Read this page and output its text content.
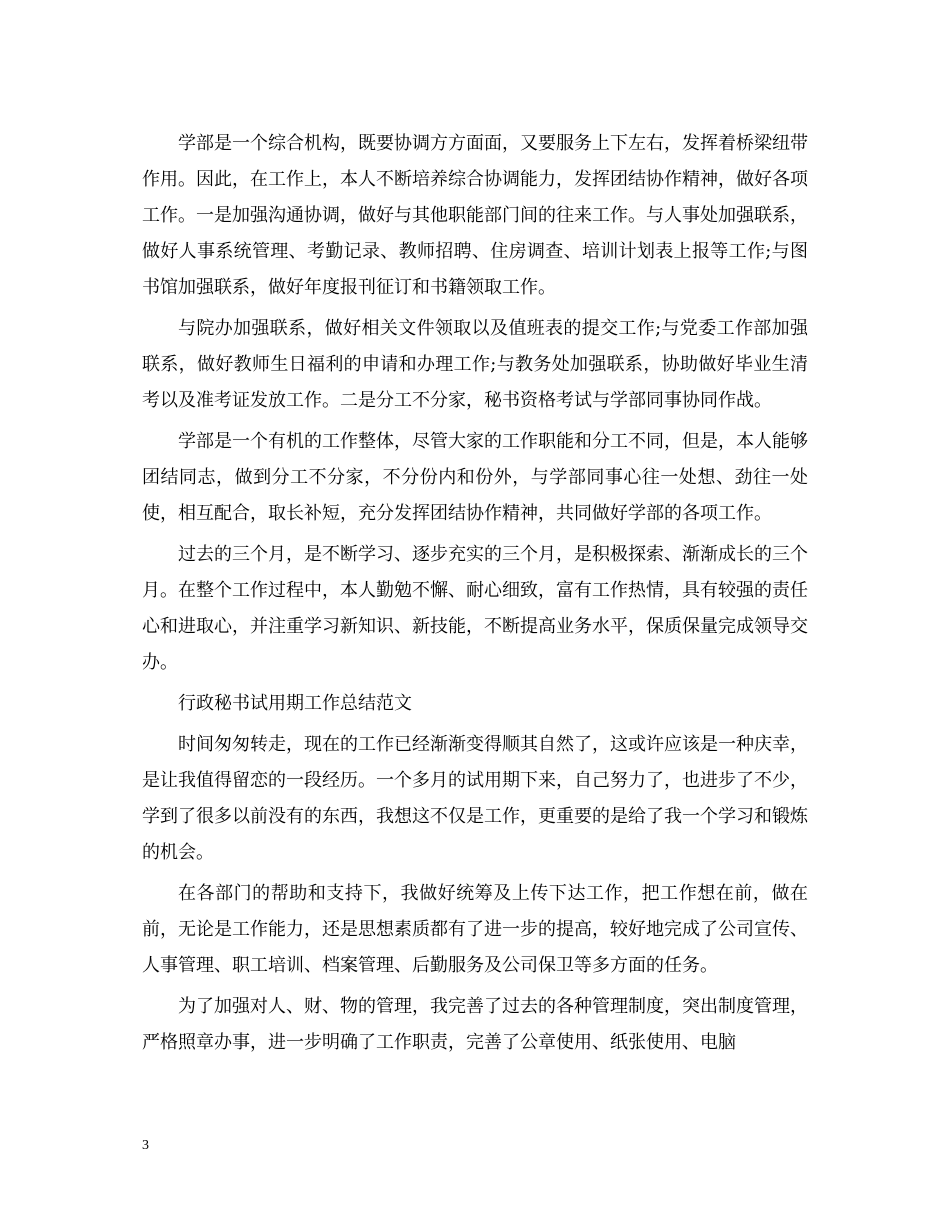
学部是一个综合机构，既要协调方方面面，又要服务上下左右，发挥着桥梁纽带作用。因此，在工作上，本人不断培养综合协调能力，发挥团结协作精神，做好各项工作。一是加强沟通协调，做好与其他职能部门间的往来工作。与人事处加强联系，做好人事系统管理、考勤记录、教师招聘、住房调查、培训计划表上报等工作;与图书馆加强联系，做好年度报刊征订和书籍领取工作。

与院办加强联系，做好相关文件领取以及值班表的提交工作;与党委工作部加强联系，做好教师生日福利的申请和办理工作;与教务处加强联系，协助做好毕业生清考以及准考证发放工作。二是分工不分家，秘书资格考试与学部同事协同作战。

学部是一个有机的工作整体，尽管大家的工作职能和分工不同，但是，本人能够团结同志，做到分工不分家，不分份内和份外，与学部同事心往一处想、劲往一处使，相互配合，取长补短，充分发挥团结协作精神，共同做好学部的各项工作。

过去的三个月，是不断学习、逐步充实的三个月，是积极探索、渐渐成长的三个月。在整个工作过程中，本人勤勉不懈、耐心细致，富有工作热情，具有较强的责任心和进取心，并注重学习新知识、新技能，不断提高业务水平，保质保量完成领导交办。

行政秘书试用期工作总结范文

时间匆匆转走，现在的工作已经渐渐变得顺其自然了，这或许应该是一种庆幸，是让我值得留恋的一段经历。一个多月的试用期下来，自己努力了，也进步了不少，学到了很多以前没有的东西，我想这不仅是工作，更重要的是给了我一个学习和锻炼的机会。

在各部门的帮助和支持下，我做好统筹及上传下达工作，把工作想在前，做在前，无论是工作能力，还是思想素质都有了进一步的提高，较好地完成了公司宣传、人事管理、职工培训、档案管理、后勤服务及公司保卫等多方面的任务。

为了加强对人、财、物的管理，我完善了过去的各种管理制度，突出制度管理，严格照章办事，进一步明确了工作职责，完善了公章使用、纸张使用、电脑

3
